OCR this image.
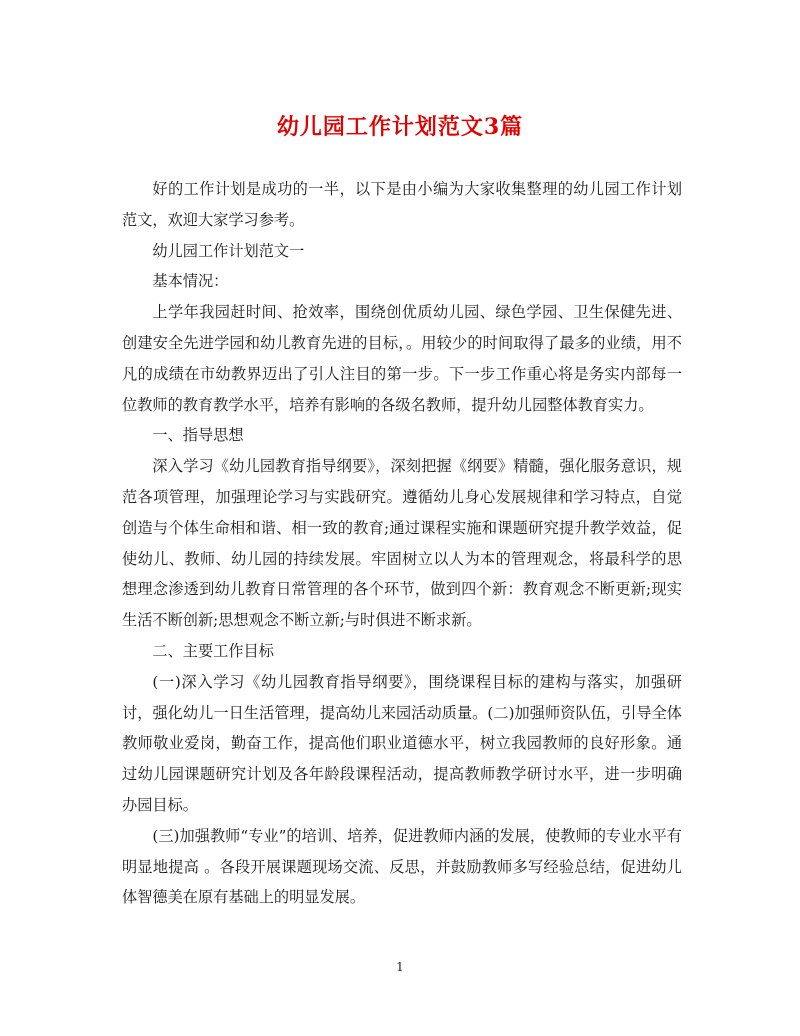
幼儿园工作计划范文3篇

好的工作计划是成功的一半，以下是由小编为大家收集整理的幼儿园工作计划范文，欢迎大家学习参考。

幼儿园工作计划范文一

基本情况：

上学年我园赶时间、抢效率，围绕创优质幼儿园、绿色学园、卫生保健先进、创建安全先进学园和幼儿教育先进的目标，。用较少的时间取得了最多的业绩，用不凡的成绩在市幼教界迈出了引人注目的第一步。下一步工作重心将是务实内部每一位教师的教育教学水平，培养有影响的各级名教师，提升幼儿园整体教育实力。

一、指导思想

深入学习《幼儿园教育指导纲要》，深刻把握《纲要》精髓，强化服务意识，规范各项管理，加强理论学习与实践研究。遵循幼儿身心发展规律和学习特点，自觉创造与个体生命相和谐、相一致的教育;通过课程实施和课题研究提升教学效益，促使幼儿、教师、幼儿园的持续发展。牢固树立以人为本的管理观念，将最科学的思想理念渗透到幼儿教育日常管理的各个环节，做到四个新：教育观念不断更新;现实生活不断创新;思想观念不断立新;与时俱进不断求新。

二、主要工作目标

(一)深入学习《幼儿园教育指导纲要》，围绕课程目标的建构与落实，加强研讨，强化幼儿一日生活管理，提高幼儿来园活动质量。(二)加强师资队伍，引导全体教师敬业爱岗，勤奋工作，提高他们职业道德水平，树立我园教师的良好形象。通过幼儿园课题研究计划及各年龄段课程活动，提高教师教学研讨水平，进一步明确办园目标。

(三)加强教师“专业”的培训、培养，促进教师内涵的发展，使教师的专业水平有明显地提高 。各段开展课题现场交流、反思，并鼓励教师多写经验总结，促进幼儿体智德美在原有基础上的明显发展。

1
